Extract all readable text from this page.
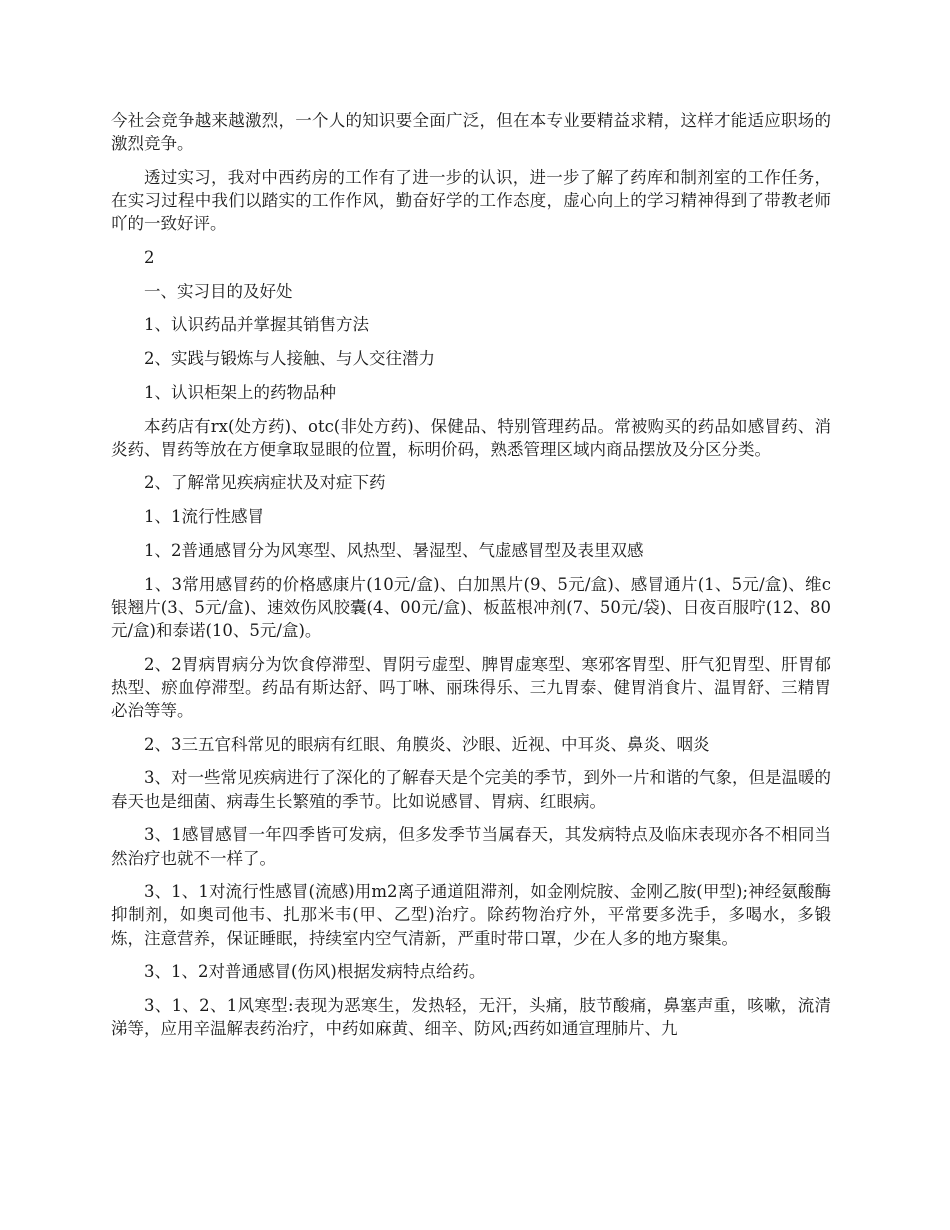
今社会竞争越来越激烈，一个人的知识要全面广泛，但在本专业要精益求精，这样才能适应职场的激烈竞争。

透过实习，我对中西药房的工作有了进一步的认识，进一步了解了药库和制剂室的工作任务，在实习过程中我们以踏实的工作作风，勤奋好学的工作态度，虚心向上的学习精神得到了带教老师吖的一致好评。

2

一、实习目的及好处

1、认识药品并掌握其销售方法

2、实践与锻炼与人接触、与人交往潜力

1、认识柜架上的药物品种

本药店有rx(处方药)、otc(非处方药)、保健品、特别管理药品。常被购买的药品如感冒药、消炎药、胃药等放在方便拿取显眼的位置，标明价码，熟悉管理区域内商品摆放及分区分类。

2、了解常见疾病症状及对症下药

1、1流行性感冒

1、2普通感冒分为风寒型、风热型、暑湿型、气虚感冒型及表里双感

1、3常用感冒药的价格感康片(10元/盒)、白加黑片(9、5元/盒)、感冒通片(1、5元/盒)、维c银翘片(3、5元/盒)、速效伤风胶囊(4、00元/盒)、板蓝根冲剂(7、50元/袋)、日夜百服咛(12、80元/盒)和泰诺(10、5元/盒)。

2、2胃病胃病分为饮食停滞型、胃阴亏虚型、脾胃虚寒型、寒邪客胃型、肝气犯胃型、肝胃郁热型、瘀血停滞型。药品有斯达舒、吗丁啉、丽珠得乐、三九胃泰、健胃消食片、温胃舒、三精胃必治等等。

2、3三五官科常见的眼病有红眼、角膜炎、沙眼、近视、中耳炎、鼻炎、咽炎

3、对一些常见疾病进行了深化的了解春天是个完美的季节，到外一片和谐的气象，但是温暖的春天也是细菌、病毒生长繁殖的季节。比如说感冒、胃病、红眼病。

3、1感冒感冒一年四季皆可发病，但多发季节当属春天，其发病特点及临床表现亦各不相同当然治疗也就不一样了。

3、1、1对流行性感冒(流感)用m2离子通道阻滞剂，如金刚烷胺、金刚乙胺(甲型);神经氨酸酶抑制剂，如奥司他韦、扎那米韦(甲、乙型)治疗。除药物治疗外，平常要多洗手，多喝水，多锻炼，注意营养，保证睡眠，持续室内空气清新，严重时带口罩，少在人多的地方聚集。

3、1、2对普通感冒(伤风)根据发病特点给药。

3、1、2、1风寒型:表现为恶寒生，发热轻，无汗，头痛，肢节酸痛，鼻塞声重，咳嗽，流清涕等，应用辛温解表药治疗，中药如麻黄、细辛、防风;西药如通宣理肺片、九
